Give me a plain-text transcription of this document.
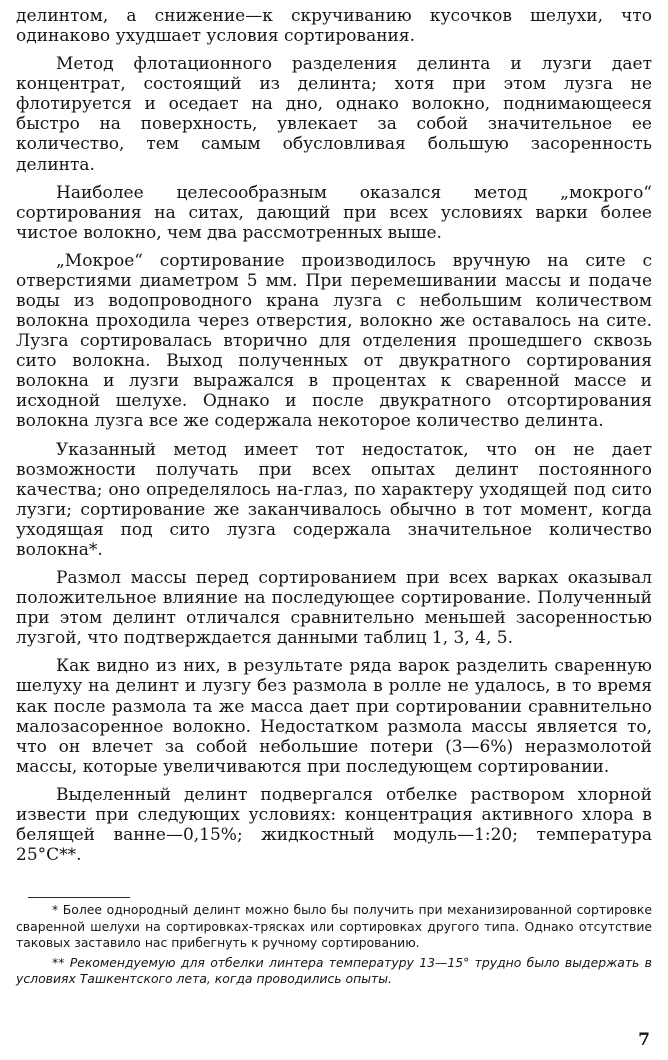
делинтом, а снижение—к скручиванию кусочков шелухи, что одинаково ухудшает условия сортирования.

Метод флотационного разделения делинта и лузги дает концентрат, состоящий из делинта; хотя при этом лузга не флотируется и оседает на дно, однако волокно, поднимающееся быстро на поверхность, увлекает за собой значительное ее количество, тем самым обусловливая большую засоренность делинта.

Наиболее целесообразным оказался метод „мокрого“ сортирования на ситах, дающий при всех условиях варки более чистое волокно, чем два рассмотренных выше.

„Мокрое“ сортирование производилось вручную на сите с отверстиями диаметром 5 мм. При перемешивании массы и подаче воды из водопроводного крана лузга с небольшим количеством волокна проходила через отверстия, волокно же оставалось на сите. Лузга сортировалась вторично для отделения прошедшего сквозь сито волокна. Выход полученных от двукратного сортирования волокна и лузги выражался в процентах к сваренной массе и исходной шелухе. Однако и после двукратного отсортирования волокна лузга все же содержала некоторое количество делинта.

Указанный метод имеет тот недостаток, что он не дает возможности получать при всех опытах делинт постоянного качества; оно определялось на-глаз, по характеру уходящей под сито лузги; сортирование же заканчивалось обычно в тот момент, когда уходящая под сито лузга содержала значительное количество волокна*.

Размол массы перед сортированием при всех варках оказывал положительное влияние на последующее сортирование. Полученный при этом делинт отличался сравнительно меньшей засоренностью лузгой, что подтверждается данными таблиц 1, 3, 4, 5.

Как видно из них, в результате ряда варок разделить сваренную шелуху на делинт и лузгу без размола в ролле не удалось, в то время как после размола та же масса дает при сортировании сравнительно малозасоренное волокно. Недостатком размола массы является то, что он влечет за собой небольшие потери (3—6%) неразмолотой массы, которые увеличиваются при последующем сортировании.

Выделенный делинт подвергался отбелке раствором хлорной извести при следующих условиях: концентрация активного хлора в белящей ванне—0,15%; жидкостный модуль—1:20; температура 25°С**.

* Более однородный делинт можно было бы получить при механизированной сортировке сваренной шелухи на сортировках-трясках или сортировках другого типа. Однако отсутствие таковых заставило нас прибегнуть к ручному сортированию.

** Рекомендуемую для отбелки линтера температуру 13—15° трудно было выдержать в условиях Ташкентского лета, когда проводились опыты.

7
